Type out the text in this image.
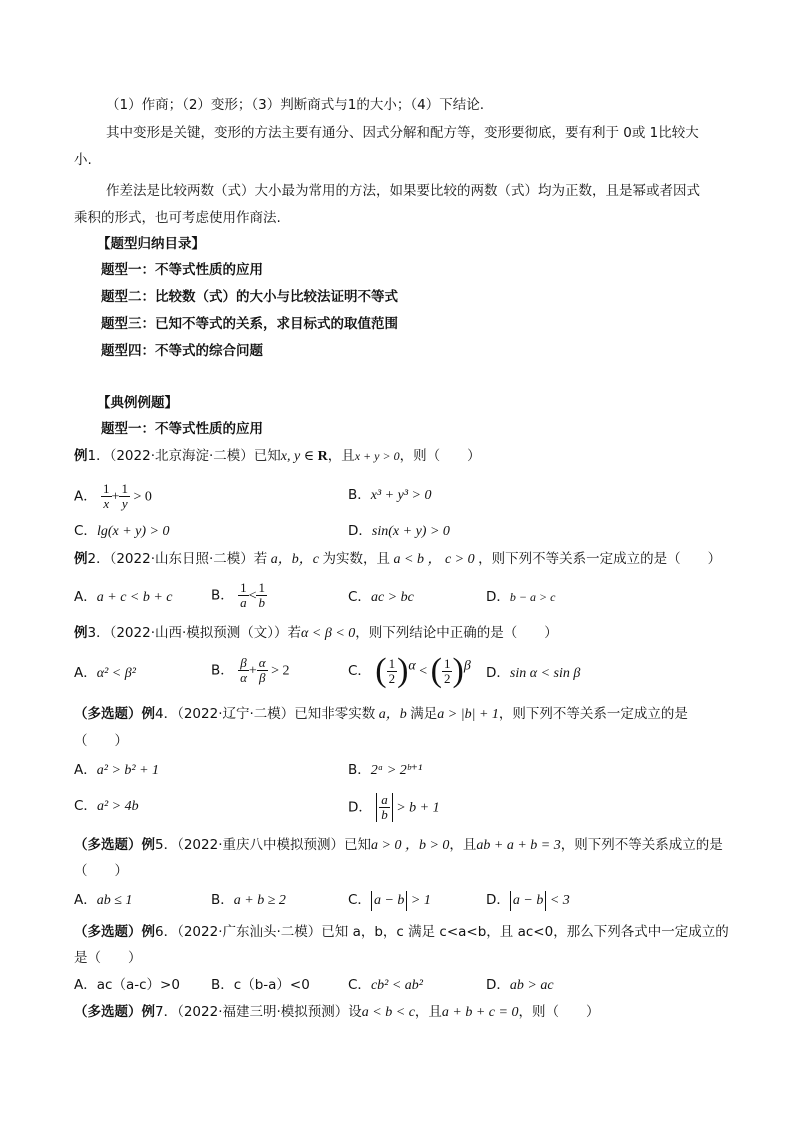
（1）作商；（2）变形；（3）判断商式与1的大小；（4）下结论.
其中变形是关键，变形的方法主要有通分、因式分解和配方等，变形要彻底，要有利于 0或 1比较大
小.
作差法是比较两数（式）大小最为常用的方法，如果要比较的两数（式）均为正数，且是幂或者因式
乘积的形式，也可考虑使用作商法.
【题型归纳目录】
题型一：不等式性质的应用
题型二：比较数（式）的大小与比较法证明不等式
题型三：已知不等式的关系，求目标式的取值范围
题型四：不等式的综合问题
【典例例题】
题型一：不等式性质的应用
例1．（2022·北京海淀·二模）已知x, y ∈ R，且x + y > 0，则（　　）
A． $\frac{1}{x} + \frac{1}{y} > 0$	B．x³ + y³ > 0
C．lg(x + y) > 0	D．sin(x + y) > 0
例2．（2022·山东日照·二模）若 a，b，c 为实数，且 a < b ， c > 0 ，则下列不等关系一定成立的是（　　）
A．a + c < b + c	B． $\frac{1}{a} < \frac{1}{b}$	C．ac > bc	D．b − a > c
例3．（2022·山西·模拟预测（文））若α < β < 0，则下列结论中正确的是（　　）
A．α² < β²	B． $\frac{\beta}{\alpha} + \frac{\alpha}{\beta} > 2$	C． ( $\frac{1}{2} )^\alpha$ < ( $\frac{1}{2} )^\beta$ D．sin α < sin β
（多选题）例4．（2022·辽宁·二模）已知非零实数 a，b 满足a > |b| + 1，则下列不等关系一定成立的是
（　　）
A．a² > b² + 1	B．2ᵃ > 2ᵇ⁺¹
C．a² > 4b	D． $\frac{a}{b} > b + 1$
（多选题）例5．（2022·重庆八中模拟预测）已知a > 0 ，b > 0，且ab + a + b = 3，则下列不等关系成立的是
（　　）
A．ab ≤ 1	B．a + b ≥ 2	C． a − b > 1	D． a − b < 3
（多选题）例6．（2022·广东汕头·二模）已知 a，b，c 满足 c<a<b，且 ac<0，那么下列各式中一定成立的
是（　　）
A．ac（a-c）>0 B．c（b-a）<0	C．cb² < ab²	D．ab > ac
（多选题）例7．（2022·福建三明·模拟预测）设a < b < c，且a + b + c = 0，则（　　）
